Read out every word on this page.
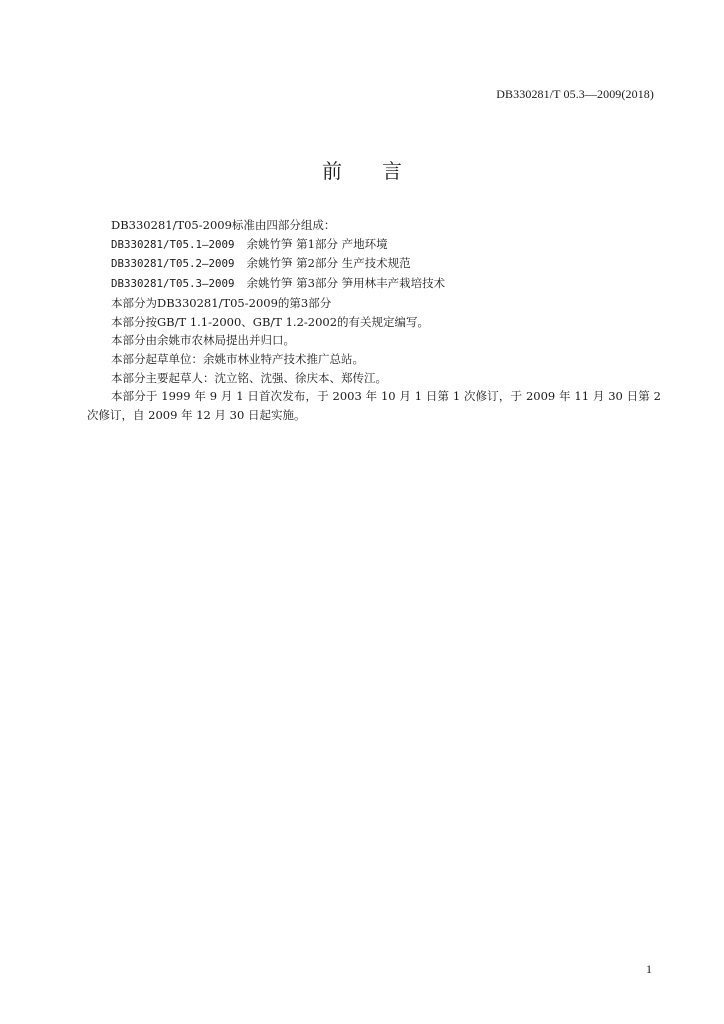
DB330281/T 05.3—2009(2018)
前言

DB330281/T05-2009标准由四部分组成：

DB330281/T05.1—2009 余姚竹笋 第1部分 产地环境

DB330281/T05.2—2009 余姚竹笋 第2部分 生产技术规范

DB330281/T05.3—2009 余姚竹笋 第3部分 笋用林丰产栽培技术

本部分为DB330281/T05-2009的第3部分

本部分按GB/T 1.1-2000、GB/T 1.2-2002的有关规定编写。

本部分由余姚市农林局提出并归口。

本部分起草单位：余姚市林业特产技术推广总站。

本部分主要起草人：沈立铭、沈强、徐庆本、郑传江。

本部分于 1999 年 9 月 1 日首次发布，于 2003 年 10 月 1 日第 1 次修订，于 2009 年 11 月 30 日第 2 次修订，自 2009 年 12 月 30 日起实施。

1
